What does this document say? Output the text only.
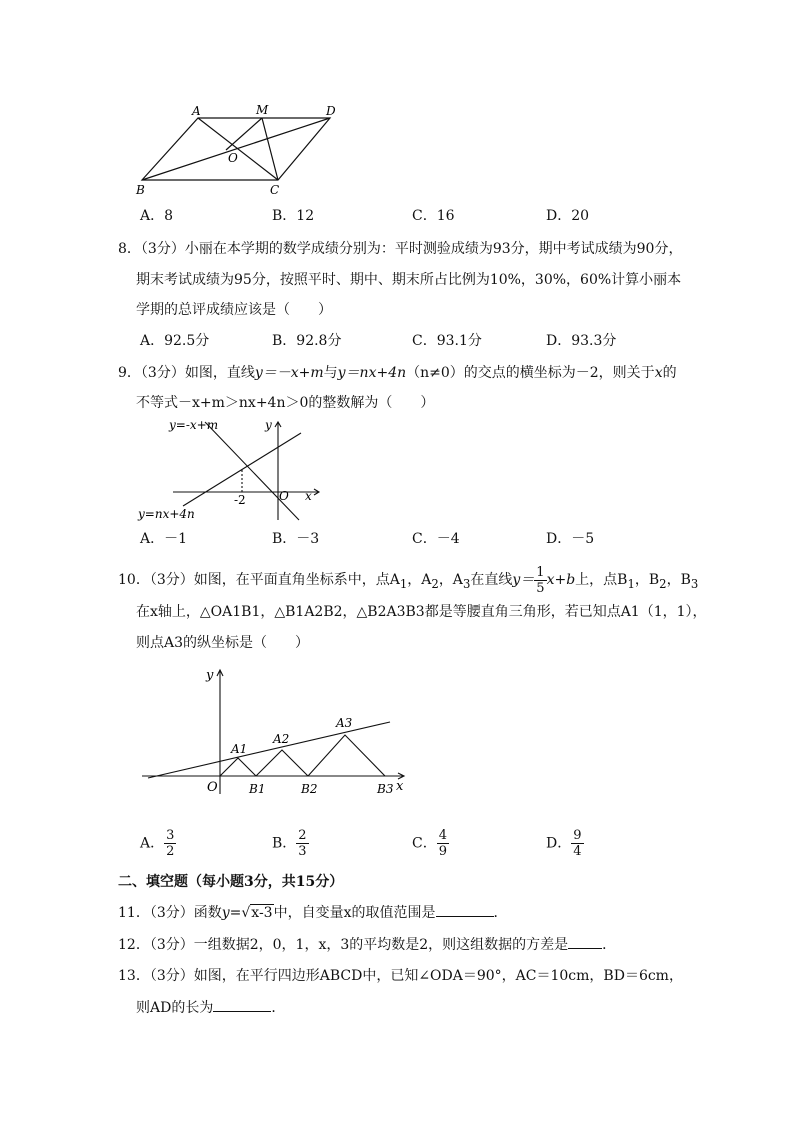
A	M	D
O
B	C
A．8	B．12	C．16	D．20
8．（3分）小丽在本学期的数学成绩分别为：平时测验成绩为93分，期中考试成绩为90分，
期末考试成绩为95分，按照平时、期中、期末所占比例为10%，30%，60%计算小丽本
学期的总评成绩应该是（　　）
A．92.5分	B．92.8分	C．93.1分	D．93.3分
9．（3分）如图，直线y＝－x+m与y＝nx+4n（n≠0）的交点的横坐标为－2，则关于x的
不等式－x+m＞nx+4n＞0的整数解为（　　）
y=-x+m
y=nx+4n
y
x
O
-2
A．－1	B．－3	C．－4	D．－5
10．（3分）如图，在平面直角坐标系中，点$A_1$，$A_2$，$A_3$在直线$y= \frac{1}{5} x+b$上，点$B_1$，$B_2$，$B_3$
在x轴上，△OA1B1，△B1A2B2，△B2A3B3都是等腰直角三角形，若已知点A1（1，1），
则点A3的纵坐标是（　　）
y
x
O
A1
A2
A3
B1	B2	B3
A． $\frac{3}{2}$	B． $\frac{2}{3}$	C． $\frac{4}{9}$	D． $\frac{9}{4}$
二、填空题（每小题3分，共15分）
11．（3分）函数y=√x-3中，自变量x的取值范围是	．
12．（3分）一组数据2，0，1，x，3的平均数是2，则这组数据的方差是 ．
13．（3分）如图，在平行四边形ABCD中，已知∠ODA＝90°，AC＝10cm，BD＝6cm，
则AD的长为	．
